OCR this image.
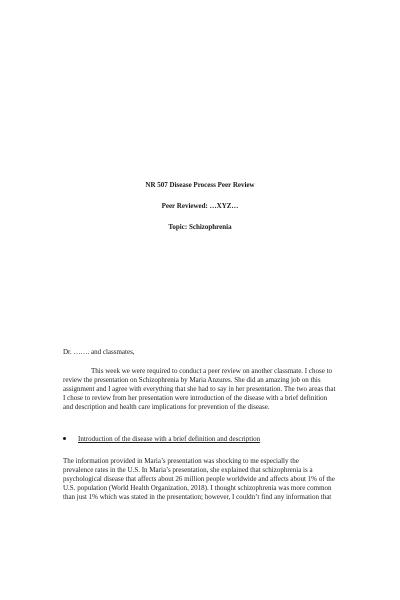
NR 507 Disease Process Peer Review
Peer Reviewed: …XYZ…
Topic: Schizophrenia
Dr. ……. and classmates,
This week we were required to conduct a peer review on another classmate. I chose to
review the presentation on Schizophrenia by Maria Anzures. She did an amazing job on this
assignment and I agree with everything that she had to say in her presentation. The two areas that
I chose to review from her presentation were introduction of the disease with a brief definition
and description and health care implications for prevention of the disease.
Introduction of the disease with a brief definition and description
The information provided in Maria’s presentation was shocking to me especially the
prevalence rates in the U.S. In Maria’s presentation, she explained that schizophrenia is a
psychological disease that affects about 26 million people worldwide and affects about 1% of the
U.S. population (World Health Organization, 2018). I thought schizophrenia was more common
than just 1% which was stated in the presentation; however, I couldn’t find any information that
